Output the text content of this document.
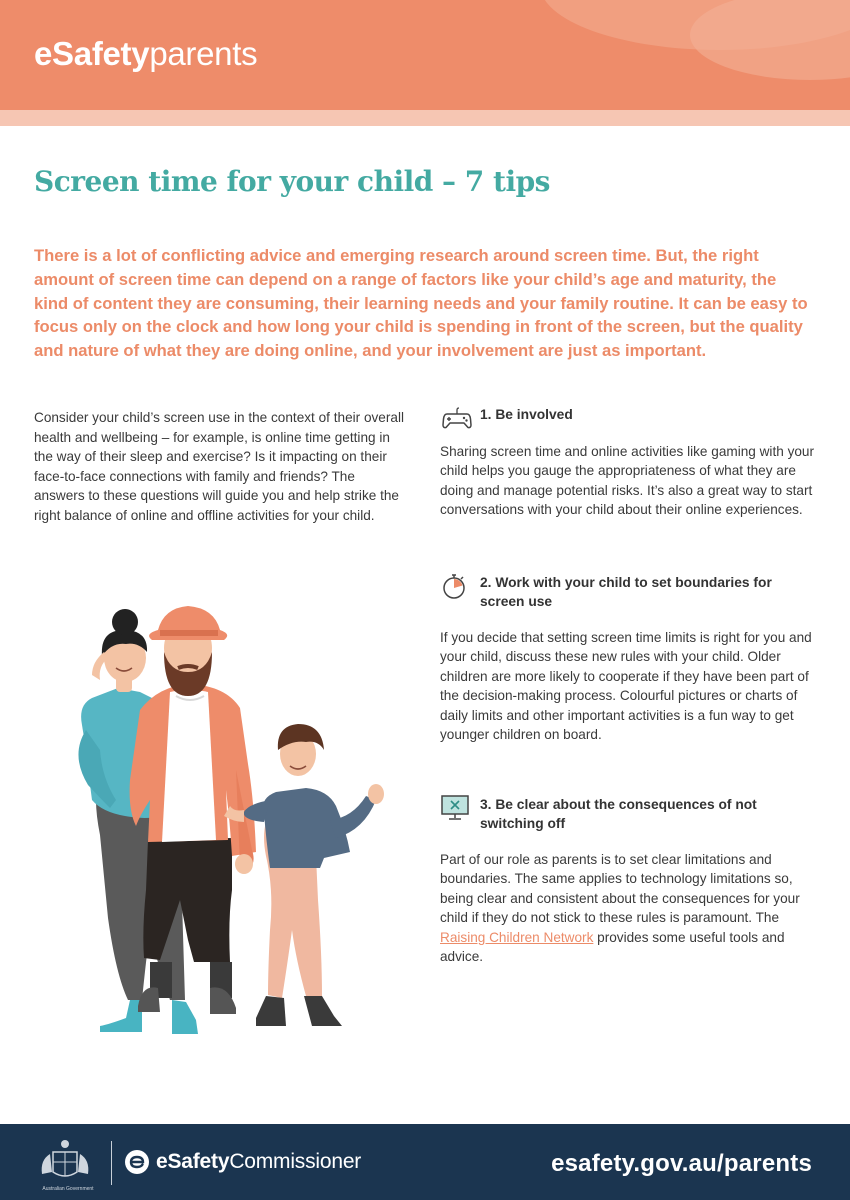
eSafetyparents
Screen time for your child – 7 tips

There is a lot of conflicting advice and emerging research around screen time. But, the right amount of screen time can depend on a range of factors like your child’s age and maturity, the kind of content they are consuming, their learning needs and your family routine. It can be easy to focus only on the clock and how long your child is spending in front of the screen, but the quality and nature of what they are doing online, and your involvement are just as important.

Consider your child’s screen use in the context of their overall health and wellbeing – for example, is online time getting in the way of their sleep and exercise? Is it impacting on their face-to-face connections with family and friends? The answers to these questions will guide you and help strike the right balance of online and offline activities for your child.

1. Be involved

Sharing screen time and online activities like gaming with your child helps you gauge the appropriateness of what they are doing and manage potential risks. It’s also a great way to start conversations with your child about their online experiences.

2. Work with your child to set boundaries for screen use

If you decide that setting screen time limits is right for you and your child, discuss these new rules with your child. Older children are more likely to cooperate if they have been part of the decision-making process. Colourful pictures or charts of daily limits and other important activities is a fun way to get younger children on board.

3. Be clear about the consequences of not switching off

Part of our role as parents is to set clear limitations and boundaries. The same applies to technology limitations so, being clear and consistent about the consequences for your child if they do not stick to these rules is paramount. The Raising Children Network provides some useful tools and advice.

Australian Government
eSafetyCommissioner	esafety.gov.au/parents
